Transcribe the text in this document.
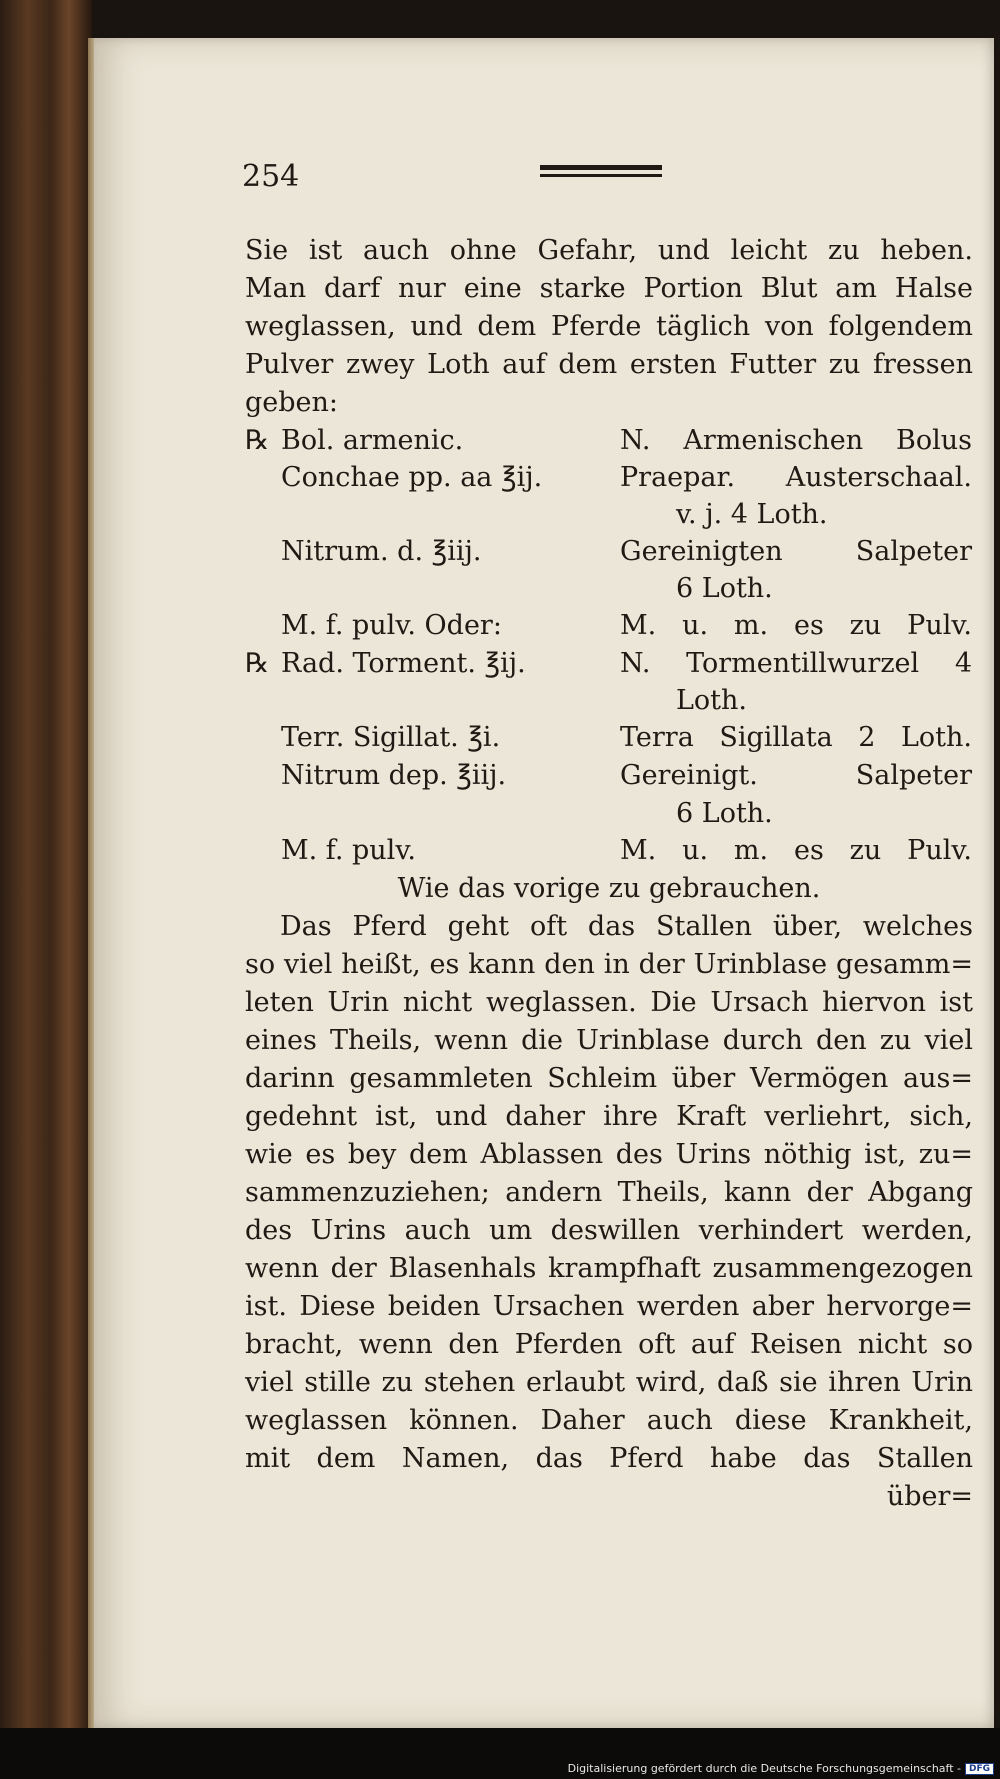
254
Sie ist auch ohne Gefahr, und leicht zu heben.
Man darf nur eine starke Portion Blut am Halse
weglassen, und dem Pferde täglich von folgendem
Pulver zwey Loth auf dem ersten Futter zu fressen
geben:
℞ Bol. armenic.
Conchae pp. aa ℥ij.
Nitrum. d. ℥iij.
M. f. pulv. Oder:
N. Armenischen Bolus
Praepar. Austerschaal.
v. j. 4 Loth.
Gereinigten Salpeter
6 Loth.
M. u. m. es zu Pulv.
℞ Rad. Torment. ℥ij.
Terr. Sigillat. ℥i.
Nitrum dep. ℥iij.
M. f. pulv.
N. Tormentillwurzel 4
Loth.
Terra Sigillata 2 Loth.
Gereinigt. Salpeter
6 Loth.
M. u. m. es zu Pulv.
Wie das vorige zu gebrauchen.
Das Pferd geht oft das Stallen über, welches
so viel heißt, es kann den in der Urinblase gesamm=
leten Urin nicht weglassen. Die Ursach hiervon ist
eines Theils, wenn die Urinblase durch den zu viel
darinn gesammleten Schleim über Vermögen aus=
gedehnt ist, und daher ihre Kraft verliehrt, sich,
wie es bey dem Ablassen des Urins nöthig ist, zu=
sammenzuziehen; andern Theils, kann der Abgang
des Urins auch um deswillen verhindert werden,
wenn der Blasenhals krampfhaft zusammengezogen
ist. Diese beiden Ursachen werden aber hervorge=
bracht, wenn den Pferden oft auf Reisen nicht so
viel stille zu stehen erlaubt wird, daß sie ihren Urin
weglassen können. Daher auch diese Krankheit,
mit dem Namen, das Pferd habe das Stallen
über=
Digitalisierung gefördert durch die Deutsche Forschungsgemeinschaft - DFG
